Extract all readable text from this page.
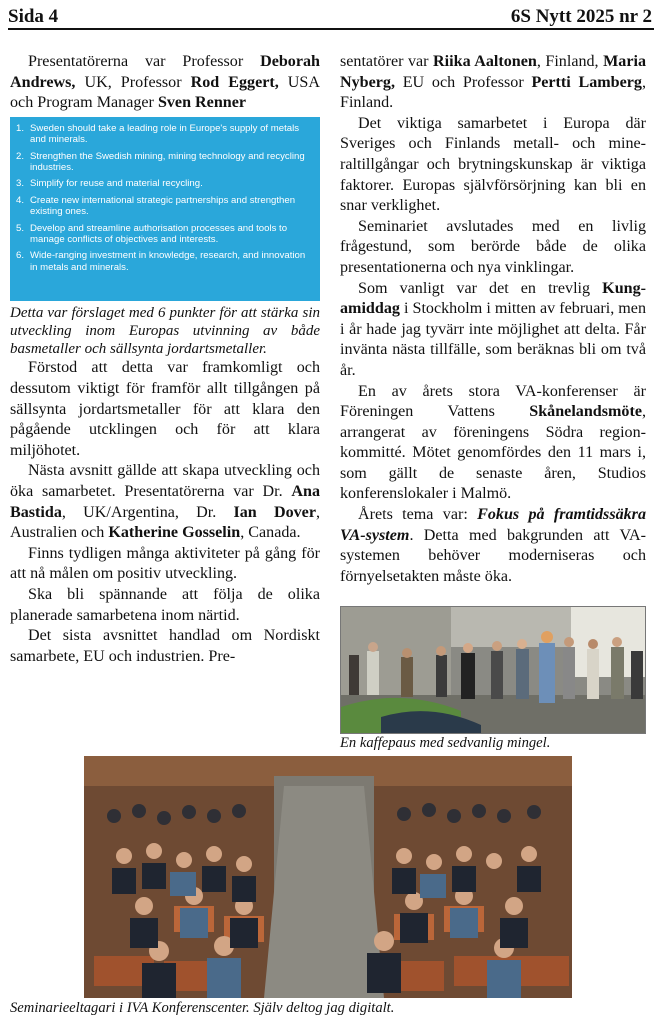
Sida 4	6S Nytt 2025 nr 2

Presentatörerna var Professor Deborah Andrews, UK, Professor Rod Eggert, USA och Program Manager Sven Renner

1. Sweden should take a leading role in Europe's supply of metals and minerals.
2. Strengthen the Swedish mining, mining technology and recycling industries.
3. Simplify for reuse and material recycling.
4. Create new international strategic partnerships and strengthen existing ones.
5. Develop and streamline authorisation processes and tools to manage conflicts of objectives and interests.
6. Wide-ranging investment in knowledge, research, and innovation in metals and minerals.

Detta var förslaget med 6 punkter för att stärka sin utveckling inom Europas utvinning av både basmetaller och sällsynta jordartsmetaller.

Förstod att detta var framkomligt och dessutom viktigt för framför allt tillgången på sällsynta jordartsmetaller för att klara den pågående utcklingen och för att klara miljöhotet.

Nästa avsnitt gällde att skapa utveckling och öka samarbetet. Presentatörerna var Dr. Ana Bastida, UK/Argentina, Dr. Ian Dover, Australien och Katherine Gosselin, Canada.

Finns tydligen många aktiviteter på gång för att nå målen om positiv utveckling.

Ska bli spännande att följa de olika planerade samarbetena inom närtid.

Det sista avsnittet handlad om Nordiskt samarbete, EU och industrien. Pre-

sentatörer var Riika Aaltonen, Finland, Maria Nyberg, EU och Professor Pertti Lamberg, Finland.

Det viktiga samarbetet i Europa där Sveriges och Finlands metall- och mineraltillgångar och brytningskunskap är viktiga faktorer. Europas självförsörjning kan bli en snar verklighet.

Seminariet avslutades med en livlig frågestund, som berörde både de olika presentationerna och nya vinklingar.

Som vanligt var det en trevlig Kungamiddag i Stockholm i mitten av februari, men i år hade jag tyvärr inte möjlighet att delta. Får invänta nästa tillfälle, som beräknas bli om två år.

En av årets stora VA-konferenser är Föreningen Vattens Skånelandsmöte, arrangerat av föreningens Södra regionkommitté. Mötet genomfördes den 11 mars i, som gällt de senaste åren, Studios konferenslokaler i Malmö.

Årets tema var: Fokus på framtidssäkra VA-system. Detta med bakgrunden att VA-systemen behöver moderniseras och förnyelsetakten måste öka.

En kaffepaus med sedvanlig mingel.
Seminarieeltagari i IVA Konferenscenter. Själv deltog jag digitalt.
